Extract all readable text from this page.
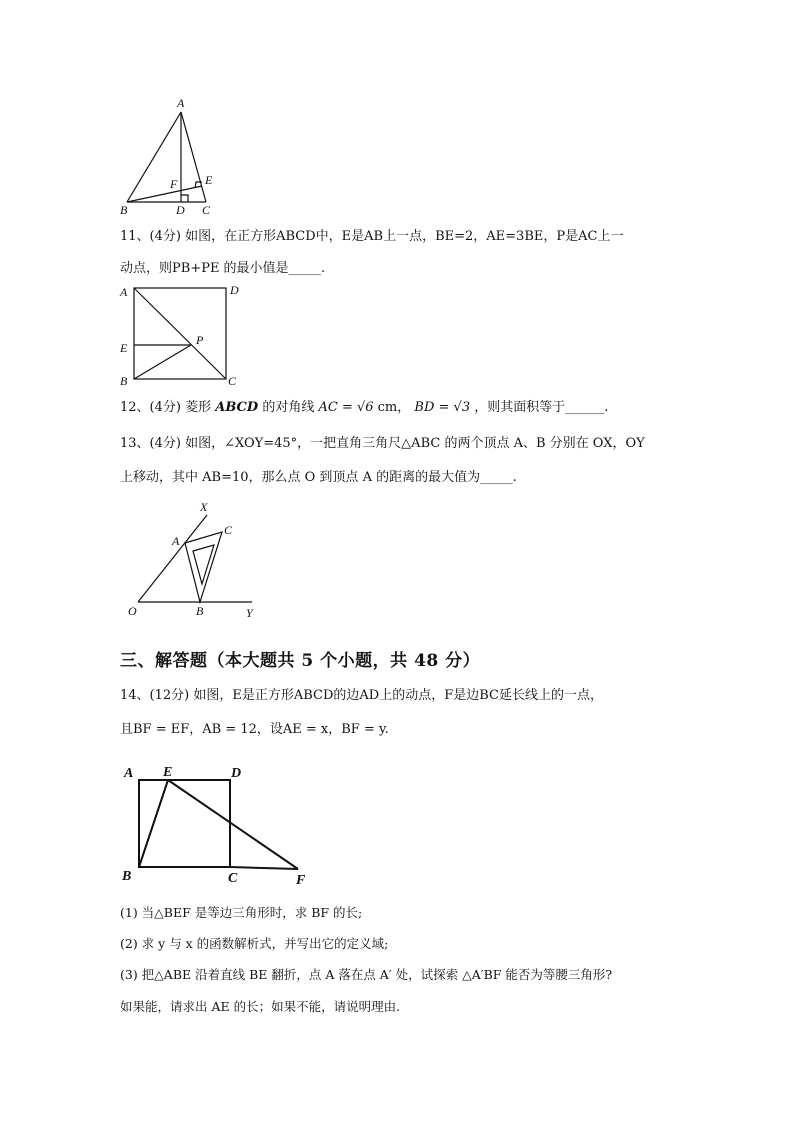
A
B	D C
F E
11、(4分) 如图，在正方形ABCD中，E是AB上一点，BE=2，AE=3BE，P是AC上一
动点，则PB+PE 的最小值是_____.
A	D
E
P
B	C
12、(4分) 菱形 ABCD 的对角线 AC = √6 cm， BD = √3 ，则其面积等于______.
13、(4分) 如图，∠XOY=45°，一把直角三角尺△ABC 的两个顶点 A、B 分别在 OX，OY
上移动，其中 AB=10，那么点 O 到顶点 A 的距离的最大值为_____.
X
A
C
O	B	Y
三、解答题（本大题共 5 个小题，共 48 分）
14、(12分) 如图，E是正方形ABCD的边AD上的动点，F是边BC延长线上的一点，
且BF = EF，AB = 12，设AE = x，BF = y.
A E	D
B	C	F
(1) 当△BEF 是等边三角形时，求 BF 的长;
(2) 求 y 与 x 的函数解析式，并写出它的定义域;
(3) 把△ABE 沿着直线 BE 翻折，点 A 落在点 A′ 处，试探索 △A′BF 能否为等腰三角形?
如果能，请求出 AE 的长；如果不能，请说明理由.
